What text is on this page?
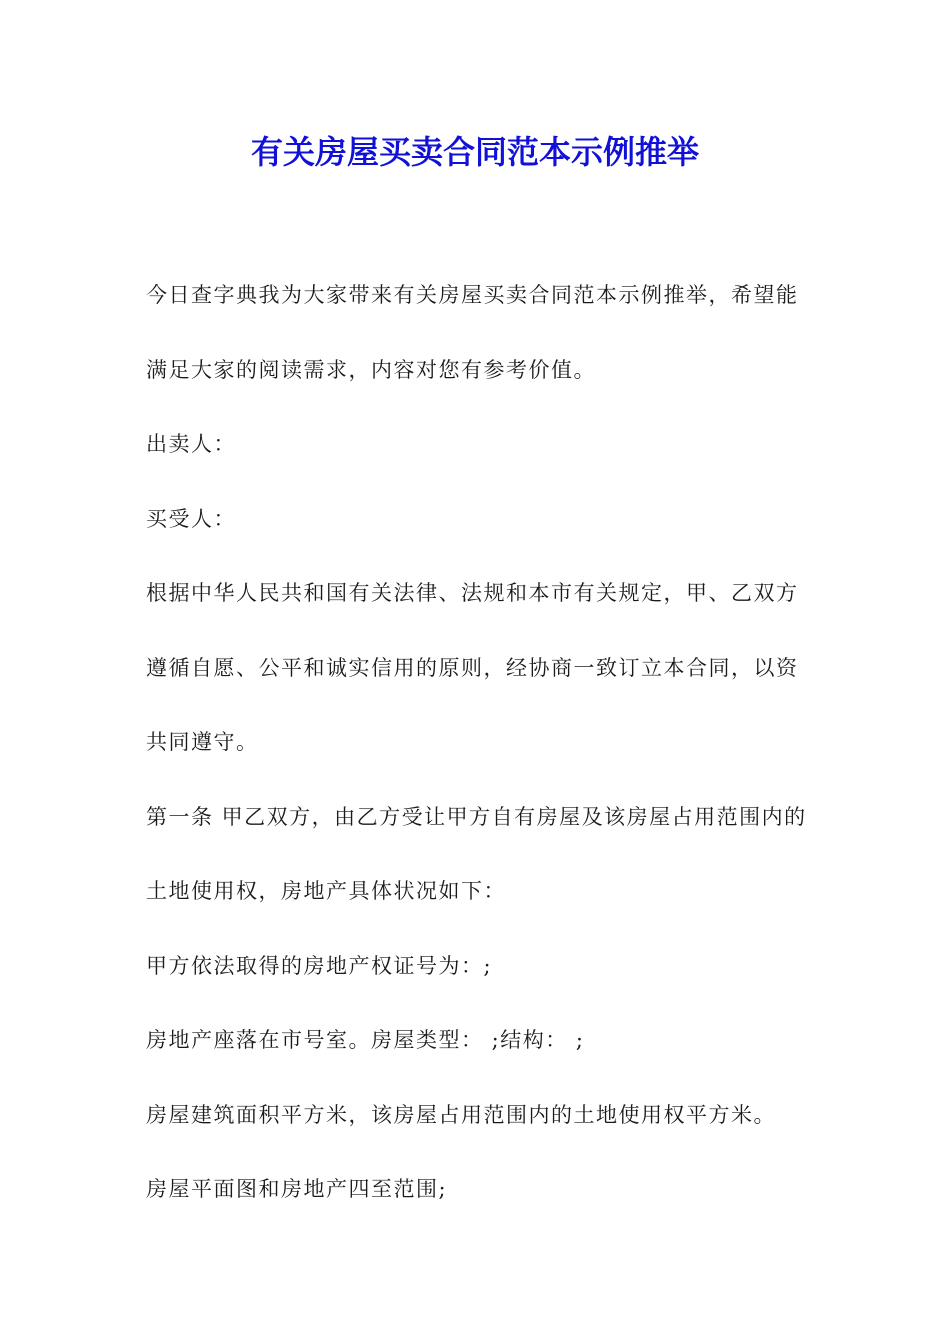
有关房屋买卖合同范本示例推举

今日查字典我为大家带来有关房屋买卖合同范本示例推举，希望能满足大家的阅读需求，内容对您有参考价值。

出卖人：

买受人：

根据中华人民共和国有关法律、法规和本市有关规定，甲、乙双方遵循自愿、公平和诚实信用的原则，经协商一致订立本合同，以资共同遵守。

第一条 甲乙双方，由乙方受让甲方自有房屋及该房屋占用范围内的土地使用权，房地产具体状况如下：

甲方依法取得的房地产权证号为：;

房地产座落在市号室。房屋类型： ;结构： ;

房屋建筑面积平方米，该房屋占用范围内的土地使用权平方米。

房屋平面图和房地产四至范围;
